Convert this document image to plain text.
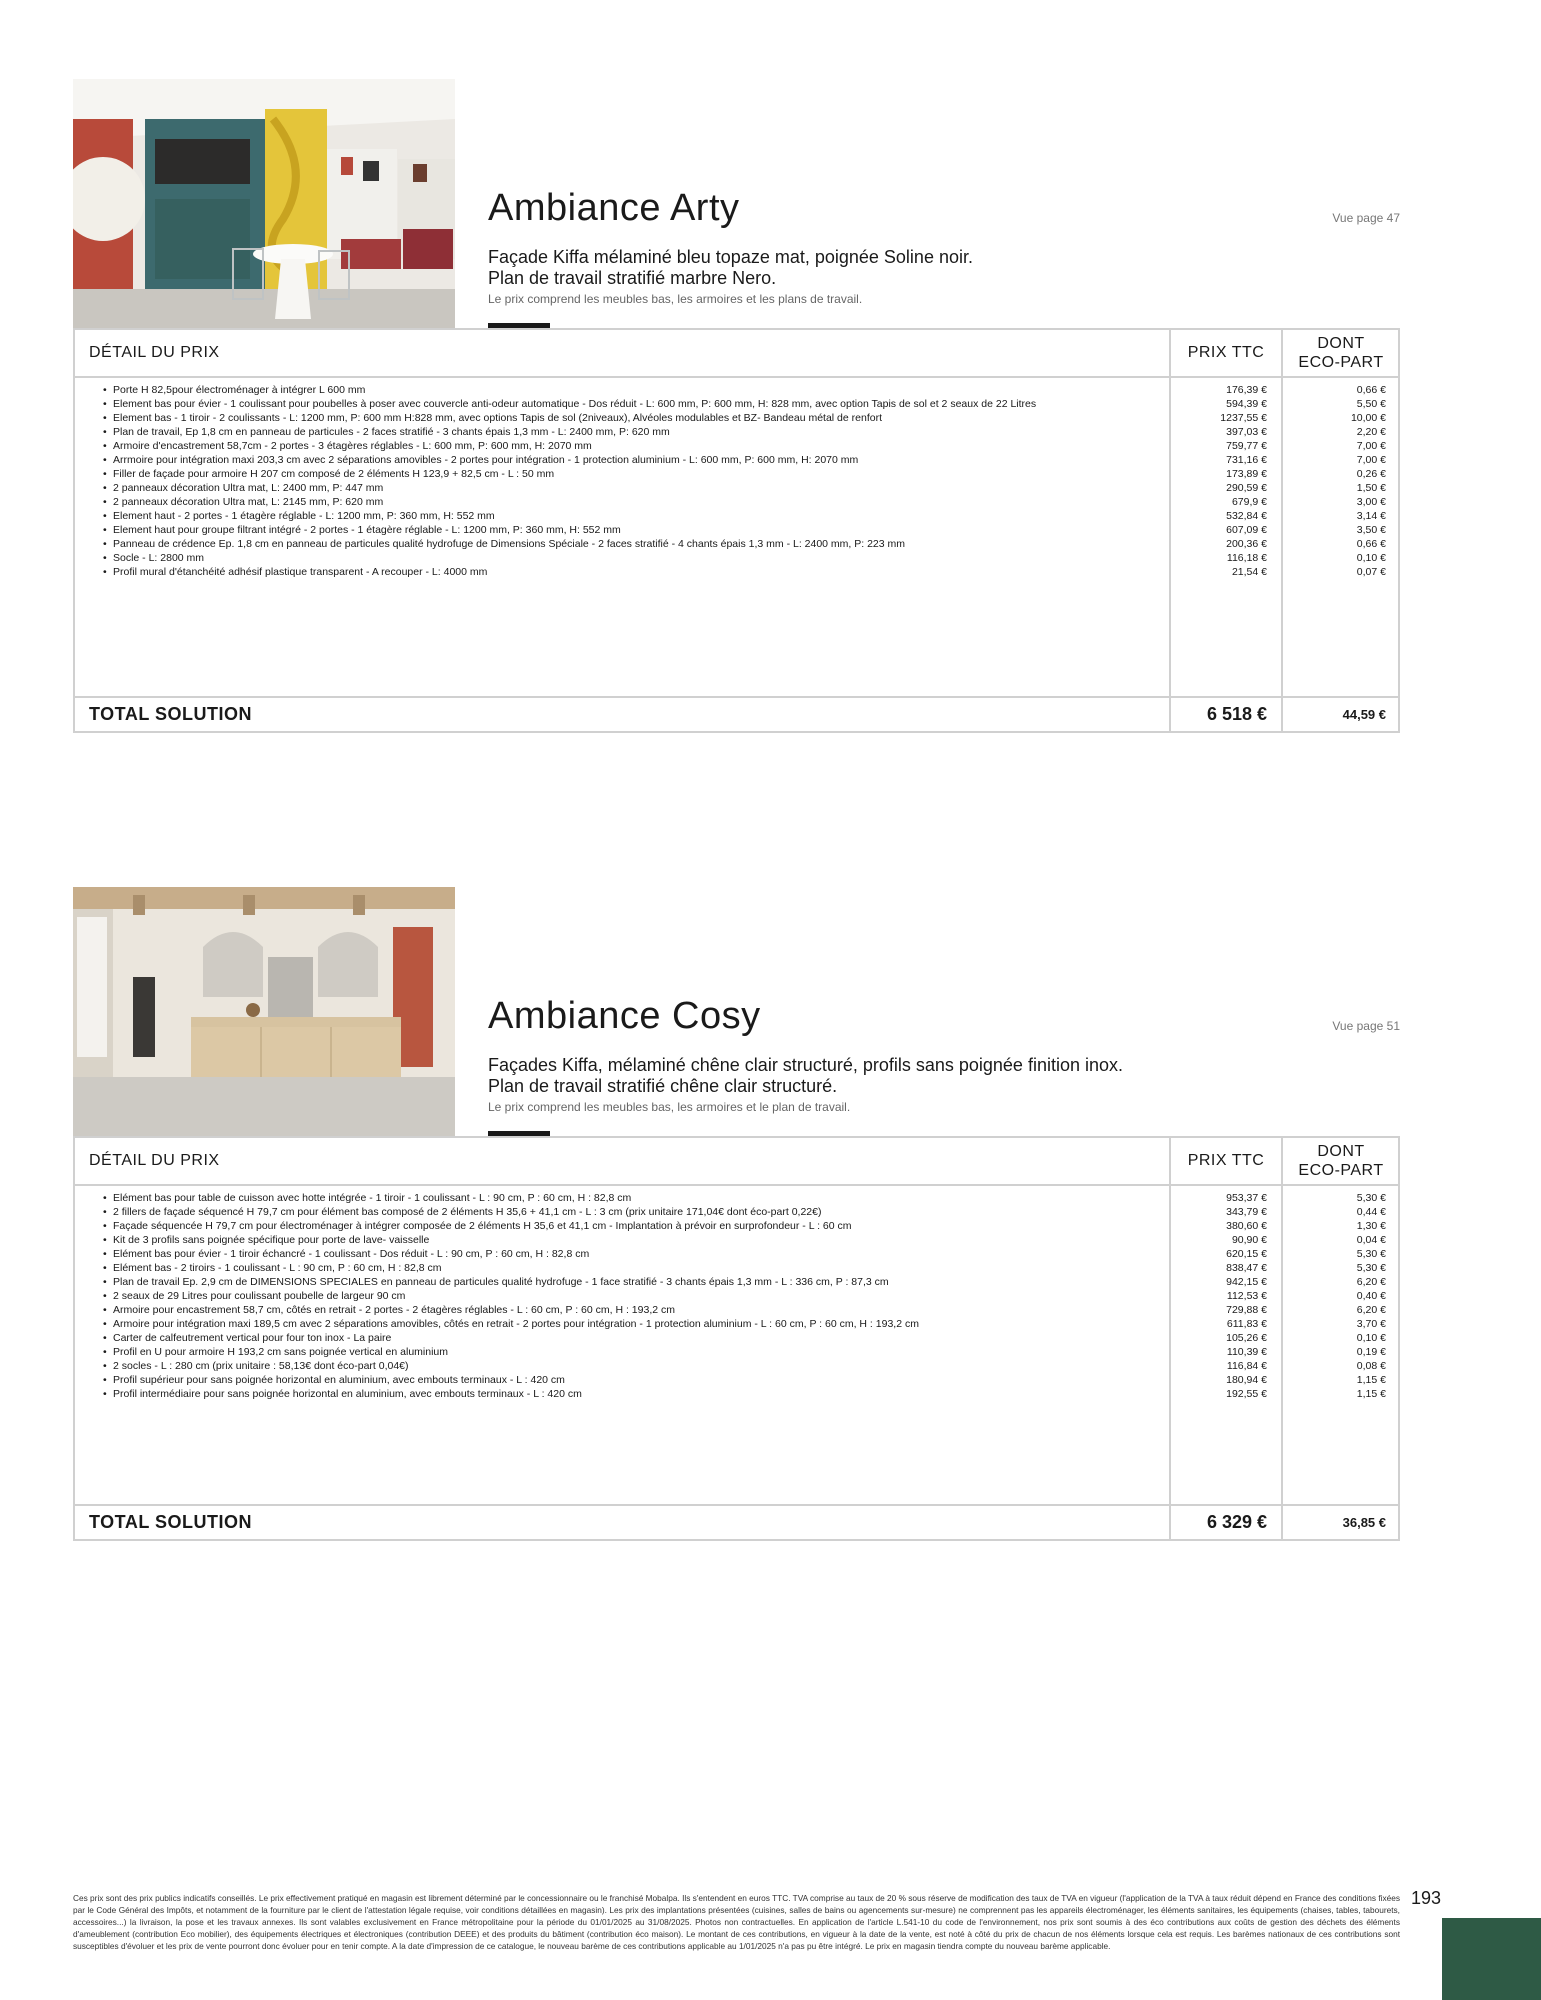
Ambiance Arty	Vue page 47
Façade Kiffa mélaminé bleu topaze mat, poignée Soline noir.
Plan de travail stratifié marbre Nero.
Le prix comprend les meubles bas, les armoires et les plans de travail.
DÉTAIL DU PRIX	PRIX TTC
DONT
ECO-PART
• Porte H 82,5pour électroménager à intégrer L 600 mm	176,39 €	0,66 €
• Element bas pour évier - 1 coulissant pour poubelles à poser avec couvercle anti-odeur automatique - Dos réduit - L: 600 mm, P: 600 mm, H: 828 mm, avec option Tapis de sol et 2 seaux de 22 Litres	594,39 €	5,50 €
• Element bas - 1 tiroir - 2 coulissants - L: 1200 mm, P: 600 mm H:828 mm, avec options Tapis de sol (2niveaux), Alvéoles modulables et BZ- Bandeau métal de renfort	1237,55 €	10,00 €
• Plan de travail, Ep 1,8 cm en panneau de particules - 2 faces stratifié - 3 chants épais 1,3 mm - L: 2400 mm, P: 620 mm	397,03 €	2,20 €
• Armoire d'encastrement 58,7cm - 2 portes - 3 étagères réglables - L: 600 mm, P: 600 mm, H: 2070 mm	759,77 €	7,00 €
• Arrmoire pour intégration maxi 203,3 cm avec 2 séparations amovibles - 2 portes pour intégration - 1 protection aluminium - L: 600 mm, P: 600 mm, H: 2070 mm	731,16 €	7,00 €
• Filler de façade pour armoire H 207 cm composé de 2 éléments H 123,9 + 82,5 cm - L : 50 mm	173,89 €	0,26 €
• 2 panneaux décoration Ultra mat, L: 2400 mm, P: 447 mm	290,59 €	1,50 €
• 2 panneaux décoration Ultra mat, L: 2145 mm, P: 620 mm	679,9 €	3,00 €
• Element haut - 2 portes - 1 étagère réglable - L: 1200 mm, P: 360 mm, H: 552 mm	532,84 €	3,14 €
• Element haut pour groupe filtrant intégré - 2 portes - 1 étagère réglable - L: 1200 mm, P: 360 mm, H: 552 mm	607,09 €	3,50 €
• Panneau de crédence Ep. 1,8 cm en panneau de particules qualité hydrofuge de Dimensions Spéciale - 2 faces stratifié - 4 chants épais 1,3 mm - L: 2400 mm, P: 223 mm	200,36 €	0,66 €
• Socle - L: 2800 mm	116,18 €	0,10 €
• Profil mural d'étanchéité adhésif plastique transparent - A recouper - L: 4000 mm	21,54 €	0,07 €
TOTAL SOLUTION	6 518 €	44,59 €
Ambiance Cosy	Vue page 51
Façades Kiffa, mélaminé chêne clair structuré, profils sans poignée finition inox.
Plan de travail stratifié chêne clair structuré.
Le prix comprend les meubles bas, les armoires et le plan de travail.
DÉTAIL DU PRIX	PRIX TTC
DONT
ECO-PART
• Elément bas pour table de cuisson avec hotte intégrée - 1 tiroir - 1 coulissant - L : 90 cm, P : 60 cm, H : 82,8 cm	953,37 €	5,30 €
• 2 fillers de façade séquencé H 79,7 cm pour élément bas composé de 2 éléments H 35,6 + 41,1 cm - L : 3 cm (prix unitaire 171,04€ dont éco-part 0,22€)	343,79 €	0,44 €
• Façade séquencée H 79,7 cm pour électroménager à intégrer composée de 2 éléments H 35,6 et 41,1 cm - Implantation à prévoir en surprofondeur - L : 60 cm	380,60 €	1,30 €
• Kit de 3 profils sans poignée spécifique pour porte de lave- vaisselle	90,90 €	0,04 €
• Elément bas pour évier - 1 tiroir échancré - 1 coulissant - Dos réduit - L : 90 cm, P : 60 cm, H : 82,8 cm	620,15 €	5,30 €
• Elément bas - 2 tiroirs - 1 coulissant - L : 90 cm, P : 60 cm, H : 82,8 cm	838,47 €	5,30 €
• Plan de travail Ep. 2,9 cm de DIMENSIONS SPECIALES en panneau de particules qualité hydrofuge - 1 face stratifié - 3 chants épais 1,3 mm - L : 336 cm, P : 87,3 cm	942,15 €	6,20 €
• 2 seaux de 29 Litres pour coulissant poubelle de largeur 90 cm	112,53 €	0,40 €
• Armoire pour encastrement 58,7 cm, côtés en retrait - 2 portes - 2 étagères réglables - L : 60 cm, P : 60 cm, H : 193,2 cm	729,88 €	6,20 €
• Armoire pour intégration maxi 189,5 cm avec 2 séparations amovibles, côtés en retrait - 2 portes pour intégration - 1 protection aluminium - L : 60 cm, P : 60 cm, H : 193,2 cm	611,83 €	3,70 €
• Carter de calfeutrement vertical pour four ton inox - La paire	105,26 €	0,10 €
• Profil en U pour armoire H 193,2 cm sans poignée vertical en aluminium	110,39 €	0,19 €
• 2 socles - L : 280 cm (prix unitaire : 58,13€ dont éco-part 0,04€)	116,84 €	0,08 €
• Profil supérieur pour sans poignée horizontal en aluminium, avec embouts terminaux - L : 420 cm	180,94 €	1,15 €
• Profil intermédiaire pour sans poignée horizontal en aluminium, avec embouts terminaux - L : 420 cm	192,55 €	1,15 €
TOTAL SOLUTION	6 329 €	36,85 €
Ces prix sont des prix publics indicatifs conseillés. Le prix effectivement pratiqué en magasin est librement déterminé par le concessionnaire ou le franchisé Mobalpa. Ils s'entendent en euros TTC. TVA comprise au taux de 20 % sous réserve de modification des taux de TVA en vigueur (l'application de la TVA à taux réduit dépend en France des conditions fixées par le Code Général des Impôts, et notamment de la fourniture par le client de l'attestation légale requise, voir conditions détaillées en magasin). Les prix des implantations présentées (cuisines, salles de bains ou agencements sur-mesure) ne comprennent pas les appareils électroménager, les éléments sanitaires, les équipements (chaises, tables, tabourets, accessoires...) la livraison, la pose et les travaux annexes. Ils sont valables exclusivement en France métropolitaine pour la période du 01/01/2025 au 31/08/2025. Photos non contractuelles. En application de l'article L.541-10 du code de l'environnement, nos prix sont soumis à des éco contributions aux coûts de gestion des déchets des éléments d'ameublement (contribution Eco mobilier), des équipements électriques et électroniques (contribution DEEE) et des produits du bâtiment (contribution éco maison). Le montant de ces contributions, en vigueur à la date de la vente, est noté à côté du prix de chacun de nos éléments lorsque cela est requis. Les barèmes nationaux de ces contributions sont susceptibles d'évoluer et les prix de vente pourront donc évoluer pour en tenir compte. A la date d'impression de ce catalogue, le nouveau barème de ces contributions applicable au 1/01/2025 n'a pas pu être intégré. Le prix en magasin tiendra compte du nouveau barème applicable.
193
